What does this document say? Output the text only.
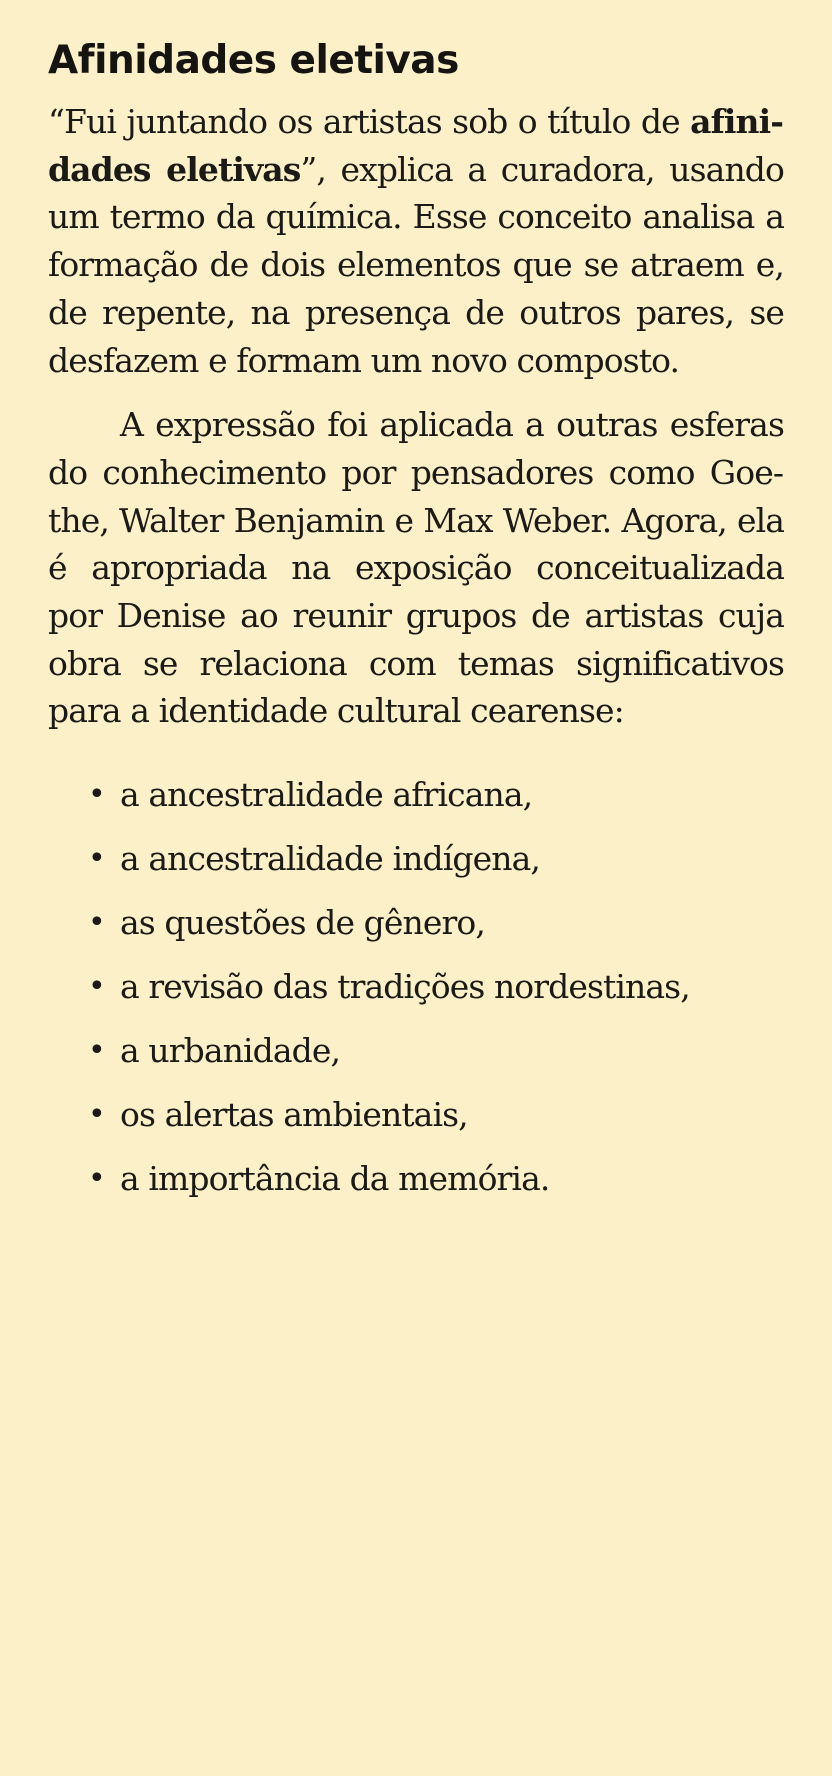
Afinidades eletivas

“Fui juntando os artistas sob o título de afinidades eletivas”, explica a curadora, usando um termo da química. Esse conceito analisa a formação de dois elementos que se atraem e, de repente, na presença de outros pares, se desfazem e formam um novo composto.

A expressão foi aplicada a outras esferas do conhecimento por pensadores como Goethe, Walter Benjamin e Max Weber. Agora, ela é apropriada na exposição conceitualizada por Denise ao reunir grupos de artistas cuja obra se relaciona com temas significativos para a identidade cultural cearense:

• a ancestralidade africana,
• a ancestralidade indígena,
• as questões de gênero,
• a revisão das tradições nordestinas,
• a urbanidade,
• os alertas ambientais,
• a importância da memória.
